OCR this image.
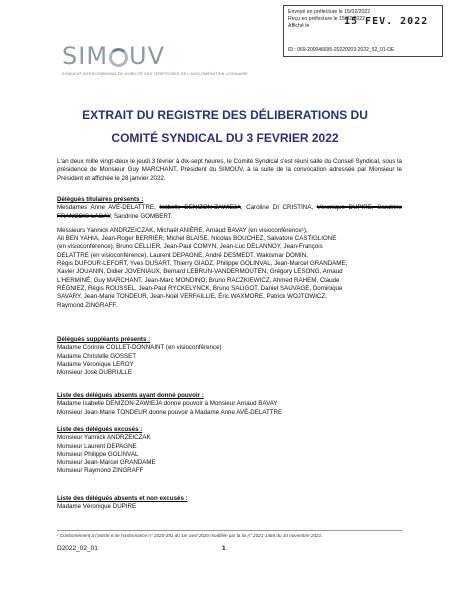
Envoyé en préfecture le 15/02/2022
Reçu en préfecture le 15/02/2022
Affiché le	15 FEV. 2022
ID : 069-200046695-20220203-2022_02_01-DE
SIM UV
SYNDICAT INTERCOMMUNAL DE MOBILITÉ DES TERRITOIRES DE L'AGGLOMÉRATION LYONNAISE
EXTRAIT DU REGISTRE DES DÉLIBERATIONS DU
COMITÉ SYNDICAL DU 3 FEVRIER 2022
L'an deux mille vingt-deux le jeudi 3 février à dix-sept heures, le Comité Syndical s'est réuni salle du Conseil Syndical, sous la présidence de Monsieur Guy MARCHANT, Président du SIMOUV, à la suite de la convocation adressée par Monsieur le Président et affichée le 28 janvier 2022.
Délégués titulaires présents :
Mesdames Anne AVÉ-DELATTRE, Isabelle DENIZON-ZAWIEJA, Caroline DI CRISTINA, Véronique DUPIRE, Sandrine FRANCOIS-LAGAY, Sandrine GOMBERT.
Messieurs Yannick ANDRZEICZAK, Michaël ANIÈRE, Arnaud BAVAY (en visioconférence¹),
Ali BEN YAHIA, Jean-Roger BERRIER, Michel BLAISE, Nicolas BOUCHEZ, Salvatore CASTIGLIONE
(en visioconférence), Bruno CELLIER, Jean-Paul COMYN, Jean-Luc DELANNOY, Jean-François
DELATTRE (en visioconférence), Laurent DEPAGNE, André DESMEDT, Wakismar DOMIN,
Régis DUFOUR-LEFORT, Yves DUSART, Thierry GIADZ, Philippe GOLINVAL, Jean-Marcel GRANDAME,
Xavier JOUANIN, Didier JOVENIAUX, Bernard LEBRUN-VANDERMOUTEN, Grégory LESONG, Arnaud
L'HERMINÉ, Guy MARCHANT, Jean-Marc MONDINO, Bruno RACZKIEWICZ, Ahmed RAHEM, Claude
RÉGNIEZ, Régis ROUSSEL, Jean-Paul RYCKELYNCK, Bruno SALIGOT, Daniel SAUVAGE, Dominique
SAVARY, Jean-Marie TONDEUR, Jean-Noël VERFAILLIE, Éric WAXMORE, Patrick WOJTOWICZ,
Raymond ZINGRAFF.
Délégués suppléants présents :
Madame Corinne COLLET-DONNAINT (en visioconférence)
Madame Christelle GOSSET
Madame Véronique LEROY
Monsieur José DUBRULLE
Liste des délégués absents ayant donné pouvoir :
Madame Isabelle DENIZON-ZAWIEJA donne pouvoir à Monsieur Arnaud BAVAY
Monsieur Jean-Marie TONDEUR donne pouvoir à Madame Anne AVÉ-DELATTRE
Liste des délégués excusés :
Monsieur Yannick ANDRZEICZAK
Monsieur Laurent DEPAGNE
Monsieur Philippe GOLINVAL
Monsieur Jean-Marcel GRANDAME
Monsieur Raymond ZINGRAFF
Liste des délégués absents et non excusés :
Madame Véronique DUPIRE
¹ Conformément à l'article 6 de l'ordonnance n° 2020-391 du 1er avril 2020 modifiée par la loi n° 2021-1465 du 10 novembre 2021.
D2022_02_01	1
